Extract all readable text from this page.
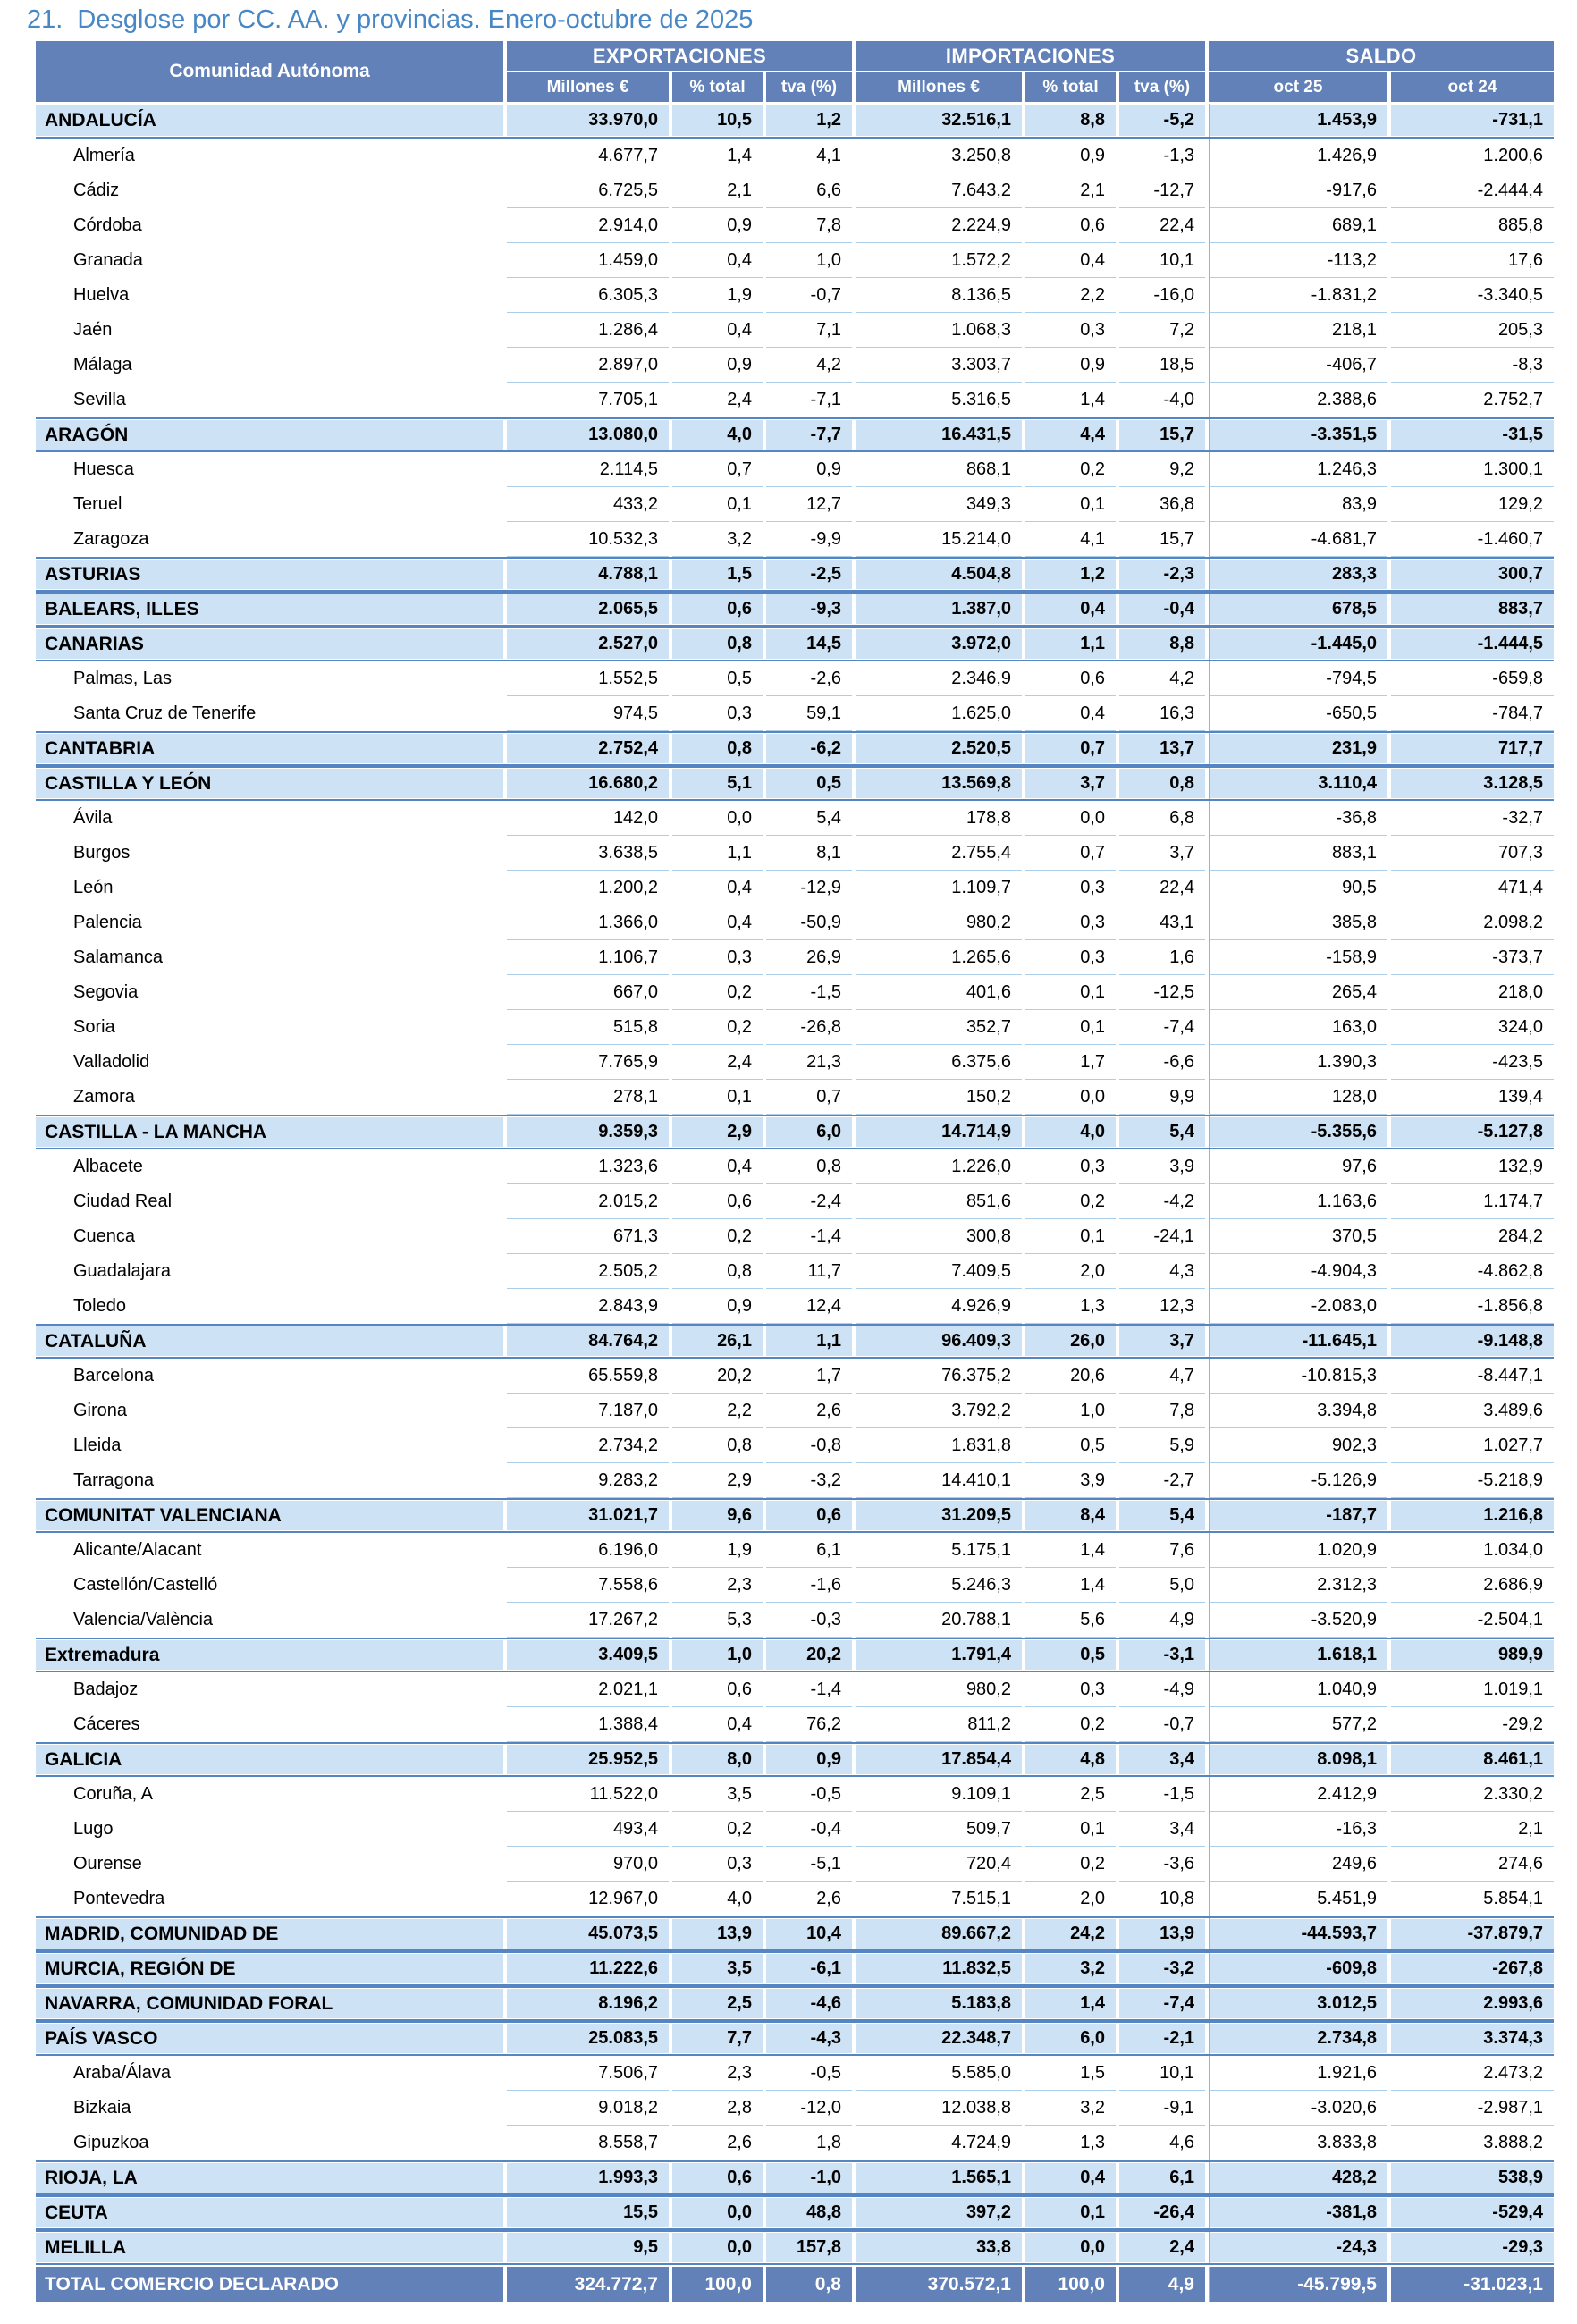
21. Desglose por CC. AA. y provincias. Enero-octubre de 2025
Comunidad Autónoma
EXPORTACIONES	IMPORTACIONES	SALDO
Millones €	% total	tva (%)	Millones €	% total	tva (%)	oct 25	oct 24
ANDALUCÍA	33.970,0	10,5	1,2	32.516,1	8,8	-5,2	1.453,9	-731,1
Almería	4.677,7	1,4	4,1	3.250,8	0,9	-1,3	1.426,9	1.200,6
Cádiz	6.725,5	2,1	6,6	7.643,2	2,1	-12,7	-917,6	-2.444,4
Córdoba	2.914,0	0,9	7,8	2.224,9	0,6	22,4	689,1	885,8
Granada	1.459,0	0,4	1,0	1.572,2	0,4	10,1	-113,2	17,6
Huelva	6.305,3	1,9	-0,7	8.136,5	2,2	-16,0	-1.831,2	-3.340,5
Jaén	1.286,4	0,4	7,1	1.068,3	0,3	7,2	218,1	205,3
Málaga	2.897,0	0,9	4,2	3.303,7	0,9	18,5	-406,7	-8,3
Sevilla	7.705,1	2,4	-7,1	5.316,5	1,4	-4,0	2.388,6	2.752,7
ARAGÓN	13.080,0	4,0	-7,7	16.431,5	4,4	15,7	-3.351,5	-31,5
Huesca	2.114,5	0,7	0,9	868,1	0,2	9,2	1.246,3	1.300,1
Teruel	433,2	0,1	12,7	349,3	0,1	36,8	83,9	129,2
Zaragoza	10.532,3	3,2	-9,9	15.214,0	4,1	15,7	-4.681,7	-1.460,7
ASTURIAS	4.788,1	1,5	-2,5	4.504,8	1,2	-2,3	283,3	300,7
BALEARS, ILLES	2.065,5	0,6	-9,3	1.387,0	0,4	-0,4	678,5	883,7
CANARIAS	2.527,0	0,8	14,5	3.972,0	1,1	8,8	-1.445,0	-1.444,5
Palmas, Las	1.552,5	0,5	-2,6	2.346,9	0,6	4,2	-794,5	-659,8
Santa Cruz de Tenerife	974,5	0,3	59,1	1.625,0	0,4	16,3	-650,5	-784,7
CANTABRIA	2.752,4	0,8	-6,2	2.520,5	0,7	13,7	231,9	717,7
CASTILLA Y LEÓN	16.680,2	5,1	0,5	13.569,8	3,7	0,8	3.110,4	3.128,5
Ávila	142,0	0,0	5,4	178,8	0,0	6,8	-36,8	-32,7
Burgos	3.638,5	1,1	8,1	2.755,4	0,7	3,7	883,1	707,3
León	1.200,2	0,4	-12,9	1.109,7	0,3	22,4	90,5	471,4
Palencia	1.366,0	0,4	-50,9	980,2	0,3	43,1	385,8	2.098,2
Salamanca	1.106,7	0,3	26,9	1.265,6	0,3	1,6	-158,9	-373,7
Segovia	667,0	0,2	-1,5	401,6	0,1	-12,5	265,4	218,0
Soria	515,8	0,2	-26,8	352,7	0,1	-7,4	163,0	324,0
Valladolid	7.765,9	2,4	21,3	6.375,6	1,7	-6,6	1.390,3	-423,5
Zamora	278,1	0,1	0,7	150,2	0,0	9,9	128,0	139,4
CASTILLA - LA MANCHA	9.359,3	2,9	6,0	14.714,9	4,0	5,4	-5.355,6	-5.127,8
Albacete	1.323,6	0,4	0,8	1.226,0	0,3	3,9	97,6	132,9
Ciudad Real	2.015,2	0,6	-2,4	851,6	0,2	-4,2	1.163,6	1.174,7
Cuenca	671,3	0,2	-1,4	300,8	0,1	-24,1	370,5	284,2
Guadalajara	2.505,2	0,8	11,7	7.409,5	2,0	4,3	-4.904,3	-4.862,8
Toledo	2.843,9	0,9	12,4	4.926,9	1,3	12,3	-2.083,0	-1.856,8
CATALUÑA	84.764,2	26,1	1,1	96.409,3	26,0	3,7	-11.645,1	-9.148,8
Barcelona	65.559,8	20,2	1,7	76.375,2	20,6	4,7	-10.815,3	-8.447,1
Girona	7.187,0	2,2	2,6	3.792,2	1,0	7,8	3.394,8	3.489,6
Lleida	2.734,2	0,8	-0,8	1.831,8	0,5	5,9	902,3	1.027,7
Tarragona	9.283,2	2,9	-3,2	14.410,1	3,9	-2,7	-5.126,9	-5.218,9
COMUNITAT VALENCIANA	31.021,7	9,6	0,6	31.209,5	8,4	5,4	-187,7	1.216,8
Alicante/Alacant	6.196,0	1,9	6,1	5.175,1	1,4	7,6	1.020,9	1.034,0
Castellón/Castelló	7.558,6	2,3	-1,6	5.246,3	1,4	5,0	2.312,3	2.686,9
Valencia/València	17.267,2	5,3	-0,3	20.788,1	5,6	4,9	-3.520,9	-2.504,1
Extremadura	3.409,5	1,0	20,2	1.791,4	0,5	-3,1	1.618,1	989,9
Badajoz	2.021,1	0,6	-1,4	980,2	0,3	-4,9	1.040,9	1.019,1
Cáceres	1.388,4	0,4	76,2	811,2	0,2	-0,7	577,2	-29,2
GALICIA	25.952,5	8,0	0,9	17.854,4	4,8	3,4	8.098,1	8.461,1
Coruña, A	11.522,0	3,5	-0,5	9.109,1	2,5	-1,5	2.412,9	2.330,2
Lugo	493,4	0,2	-0,4	509,7	0,1	3,4	-16,3	2,1
Ourense	970,0	0,3	-5,1	720,4	0,2	-3,6	249,6	274,6
Pontevedra	12.967,0	4,0	2,6	7.515,1	2,0	10,8	5.451,9	5.854,1
MADRID, COMUNIDAD DE	45.073,5	13,9	10,4	89.667,2	24,2	13,9	-44.593,7	-37.879,7
MURCIA, REGIÓN DE	11.222,6	3,5	-6,1	11.832,5	3,2	-3,2	-609,8	-267,8
NAVARRA, COMUNIDAD FORAL	8.196,2	2,5	-4,6	5.183,8	1,4	-7,4	3.012,5	2.993,6
PAÍS VASCO	25.083,5	7,7	-4,3	22.348,7	6,0	-2,1	2.734,8	3.374,3
Araba/Álava	7.506,7	2,3	-0,5	5.585,0	1,5	10,1	1.921,6	2.473,2
Bizkaia	9.018,2	2,8	-12,0	12.038,8	3,2	-9,1	-3.020,6	-2.987,1
Gipuzkoa	8.558,7	2,6	1,8	4.724,9	1,3	4,6	3.833,8	3.888,2
RIOJA, LA	1.993,3	0,6	-1,0	1.565,1	0,4	6,1	428,2	538,9
CEUTA	15,5	0,0	48,8	397,2	0,1	-26,4	-381,8	-529,4
MELILLA	9,5	0,0	157,8	33,8	0,0	2,4	-24,3	-29,3
TOTAL COMERCIO DECLARADO	324.772,7	100,0	0,8	370.572,1	100,0	4,9	-45.799,5	-31.023,1
